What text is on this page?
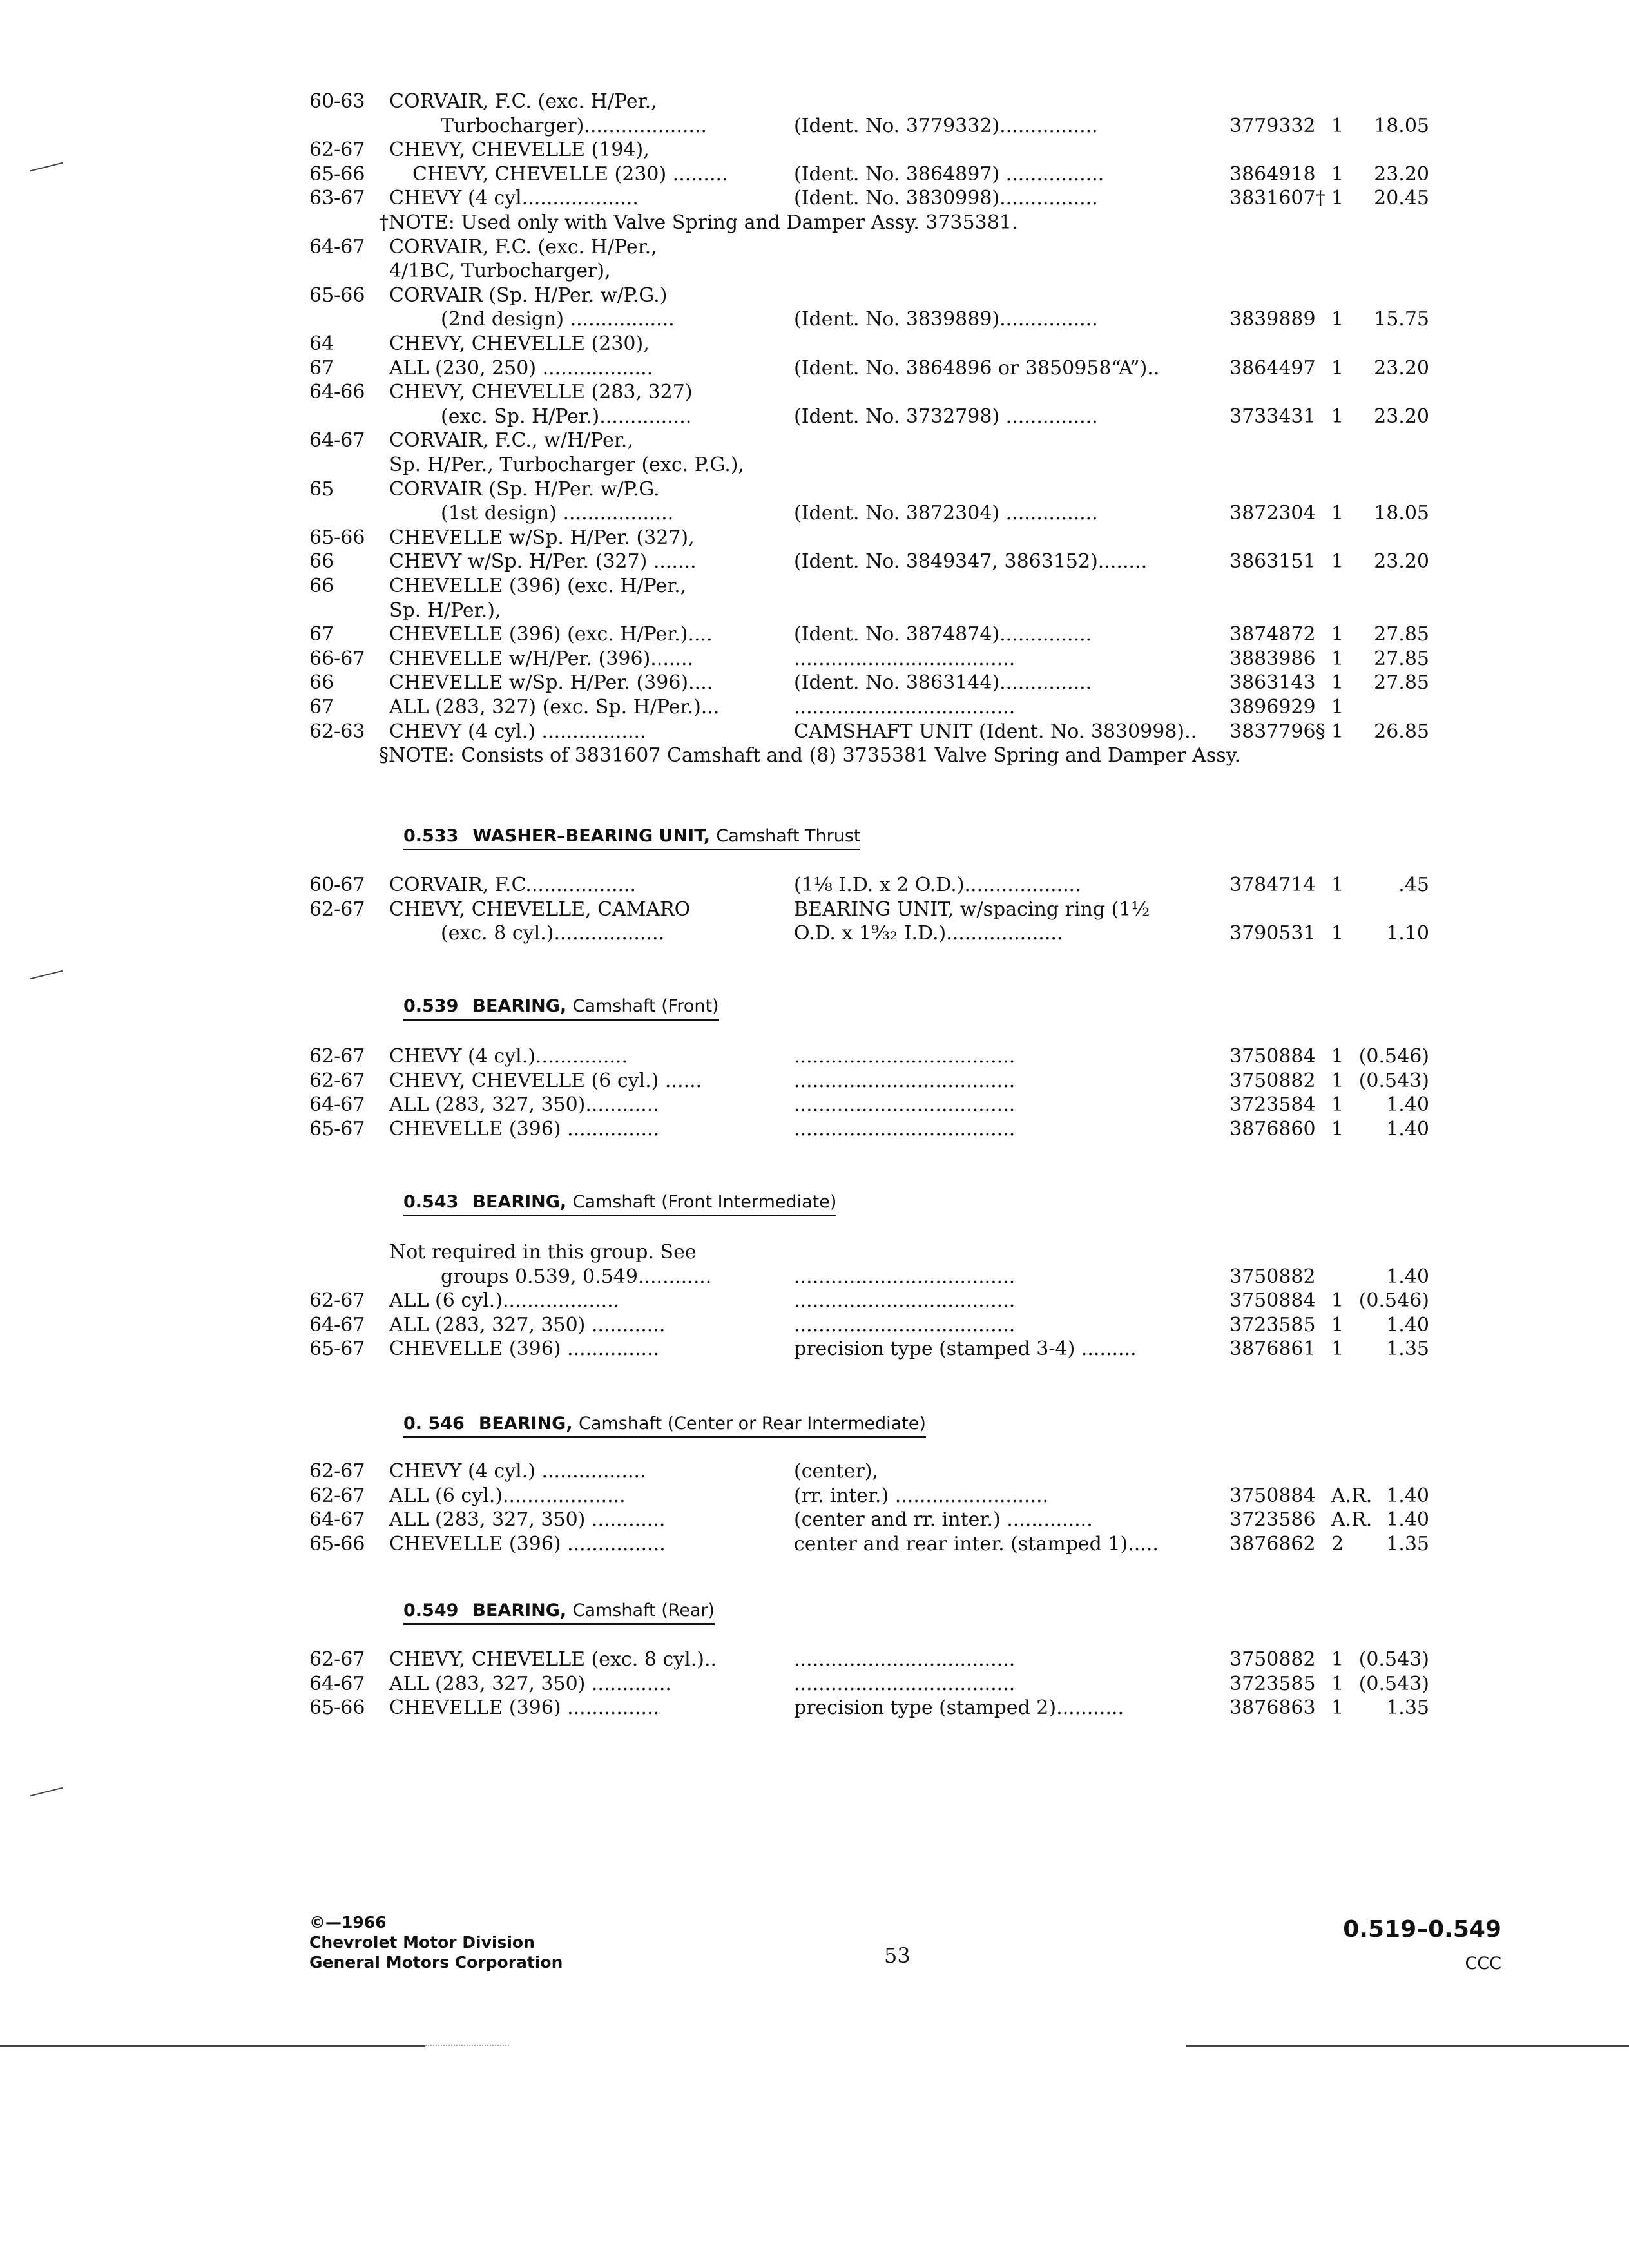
60-63 CORVAIR, F.C. (exc. H/Per.,
Turbocharger)....................	(Ident. No. 3779332)................	3779332 1 18.05
62-67 CHEVY, CHEVELLE (194),
65-66 CHEVY, CHEVELLE (230) .........	(Ident. No. 3864897) ................	3864918 1 23.20
63-67 CHEVY (4 cyl...................	(Ident. No. 3830998)................	3831607† 1 20.45
†NOTE: Used only with Valve Spring and Damper Assy. 3735381.
64-67 CORVAIR, F.C. (exc. H/Per.,
4/1BC, Turbocharger),
65-66 CORVAIR (Sp. H/Per. w/P.G.)
(2nd design) .................	(Ident. No. 3839889)................	3839889 1 15.75
64	CHEVY, CHEVELLE (230),
67	ALL (230, 250) ..................	(Ident. No. 3864896 or 3850958“A”)..	3864497 1 23.20
64-66 CHEVY, CHEVELLE (283, 327)
(exc. Sp. H/Per.)...............	(Ident. No. 3732798) ...............	3733431 1 23.20
64-67 CORVAIR, F.C., w/H/Per.,
Sp. H/Per., Turbocharger (exc. P.G.),
65	CORVAIR (Sp. H/Per. w/P.G.
(1st design) ..................	(Ident. No. 3872304) ...............	3872304 1 18.05
65-66 CHEVELLE w/Sp. H/Per. (327),
66	CHEVY w/Sp. H/Per. (327) .......	(Ident. No. 3849347, 3863152)........	3863151 1 23.20
66	CHEVELLE (396) (exc. H/Per.,
Sp. H/Per.),
67	CHEVELLE (396) (exc. H/Per.)....	(Ident. No. 3874874)...............	3874872 1 27.85
66-67 CHEVELLE w/H/Per. (396).......	....................................	3883986 1 27.85
66	CHEVELLE w/Sp. H/Per. (396)....	(Ident. No. 3863144)...............	3863143 1 27.85
67	ALL (283, 327) (exc. Sp. H/Per.)...	....................................	3896929 1
62-63 CHEVY (4 cyl.) .................	CAMSHAFT UNIT (Ident. No. 3830998).. 3837796§ 1 26.85
§NOTE: Consists of 3831607 Camshaft and (8) 3735381 Valve Spring and Damper Assy.
0.533 WASHER–BEARING UNIT, Camshaft Thrust
60-67 CORVAIR, F.C..................	(1⅛ I.D. x 2 O.D.)...................	3784714 1	.45
62-67 CHEVY, CHEVELLE, CAMARO	BEARING UNIT, w/spacing ring (1½
(exc. 8 cyl.)..................	O.D. x 1⁹⁄₃₂ I.D.)...................	3790531 1 1.10
0.539 BEARING, Camshaft (Front)
62-67 CHEVY (4 cyl.)...............	....................................	3750884 1 (0.546)
62-67 CHEVY, CHEVELLE (6 cyl.) ......	....................................	3750882 1 (0.543)
64-67 ALL (283, 327, 350)............	....................................	3723584 1 1.40
65-67 CHEVELLE (396) ...............	....................................	3876860 1 1.40
0.543 BEARING, Camshaft (Front Intermediate)
Not required in this group. See
groups 0.539, 0.549............	....................................	3750882	1.40
62-67 ALL (6 cyl.)...................	....................................	3750884 1 (0.546)
64-67 ALL (283, 327, 350) ............	....................................	3723585 1 1.40
65-67 CHEVELLE (396) ...............	precision type (stamped 3-4) .........	3876861 1 1.35
0. 546 BEARING, Camshaft (Center or Rear Intermediate)
62-67 CHEVY (4 cyl.) .................	(center),
62-67 ALL (6 cyl.)....................	(rr. inter.) .........................	3750884 A.R. 1.40
64-67 ALL (283, 327, 350) ............	(center and rr. inter.) ..............	3723586 A.R. 1.40
65-66 CHEVELLE (396) ................	center and rear inter. (stamped 1).....	3876862 2 1.35
0.549 BEARING, Camshaft (Rear)
62-67 CHEVY, CHEVELLE (exc. 8 cyl.)..	....................................	3750882 1 (0.543)
64-67 ALL (283, 327, 350) .............	....................................	3723585 1 (0.543)
65-66 CHEVELLE (396) ...............	precision type (stamped 2)...........	3876863 1 1.35
©—1966
Chevrolet Motor Division
General Motors Corporation	53
0.519–0.549
CCC
